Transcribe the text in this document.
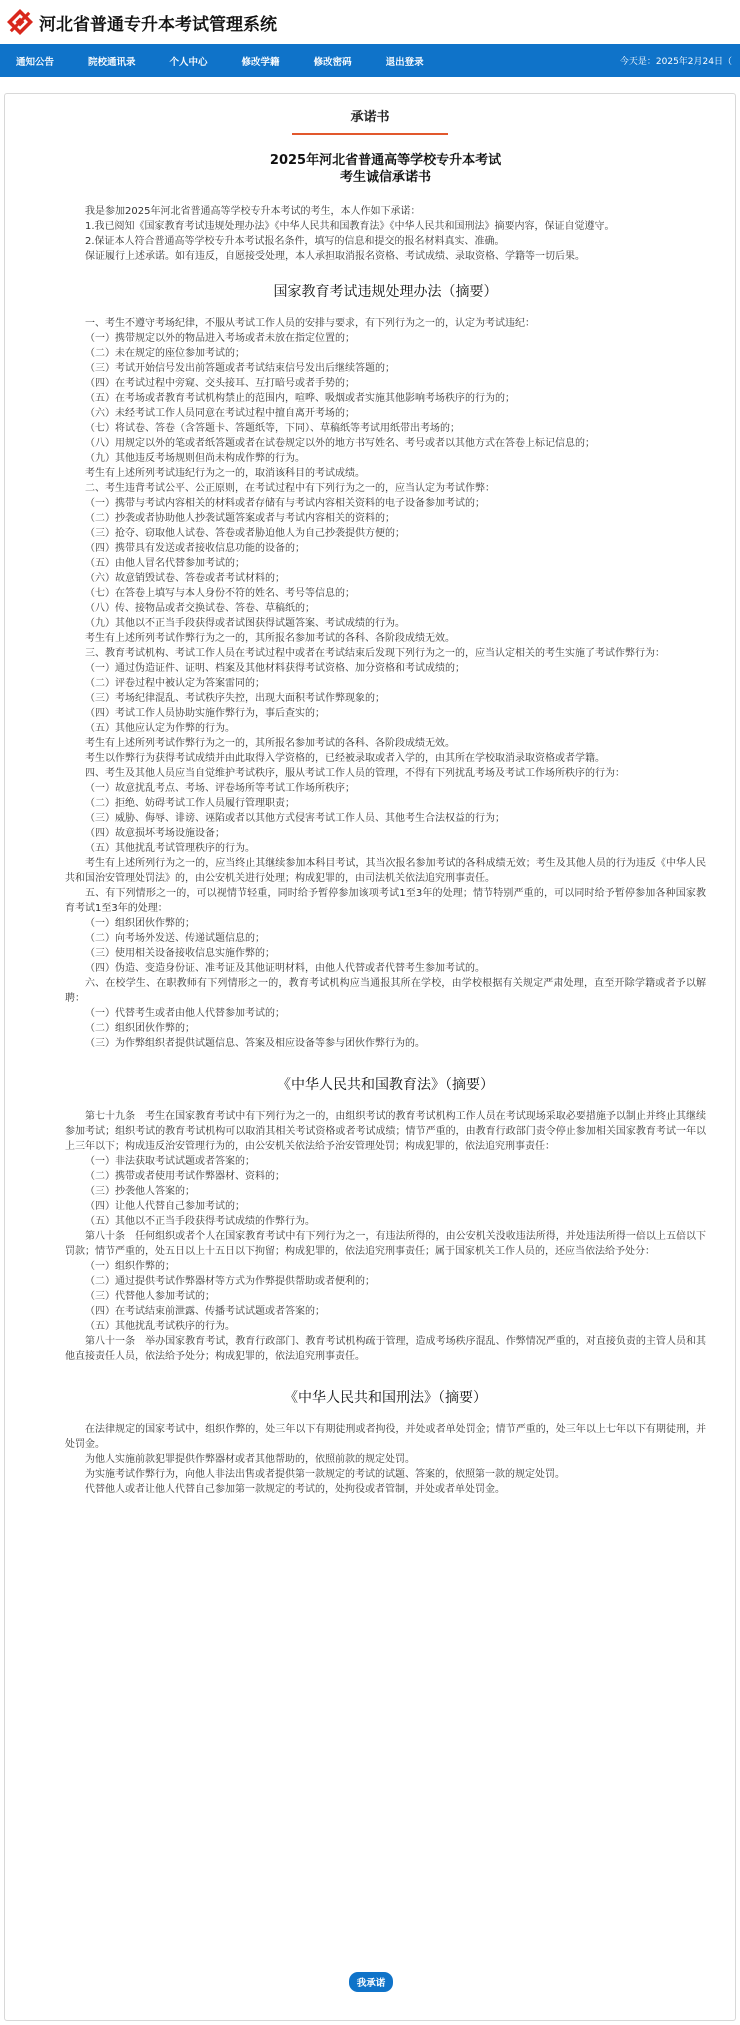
河北省普通专升本考试管理系统
通知公告	院校通讯录	个人中心	修改学籍	修改密码	退出登录	今天是：2025年2月24日（
承诺书
2025年河北省普通高等学校专升本考试
考生诚信承诺书

我是参加2025年河北省普通高等学校专升本考试的考生，本人作如下承诺：

1.我已阅知《国家教育考试违规处理办法》《中华人民共和国教育法》《中华人民共和国刑法》摘要内容，保证自觉遵守。

2.保证本人符合普通高等学校专升本考试报名条件，填写的信息和提交的报名材料真实、准确。

保证履行上述承诺。如有违反，自愿接受处理，本人承担取消报名资格、考试成绩、录取资格、学籍等一切后果。

国家教育考试违规处理办法（摘要）

一、考生不遵守考场纪律，不服从考试工作人员的安排与要求，有下列行为之一的，认定为考试违纪：

（一）携带规定以外的物品进入考场或者未放在指定位置的；

（二）未在规定的座位参加考试的；

（三）考试开始信号发出前答题或者考试结束信号发出后继续答题的；

（四）在考试过程中旁窥、交头接耳、互打暗号或者手势的；

（五）在考场或者教育考试机构禁止的范围内，喧哗、吸烟或者实施其他影响考场秩序的行为的；

（六）未经考试工作人员同意在考试过程中擅自离开考场的；

（七）将试卷、答卷（含答题卡、答题纸等，下同）、草稿纸等考试用纸带出考场的；

（八）用规定以外的笔或者纸答题或者在试卷规定以外的地方书写姓名、考号或者以其他方式在答卷上标记信息的；

（九）其他违反考场规则但尚未构成作弊的行为。

考生有上述所列考试违纪行为之一的，取消该科目的考试成绩。

二、考生违背考试公平、公正原则，在考试过程中有下列行为之一的，应当认定为考试作弊：

（一）携带与考试内容相关的材料或者存储有与考试内容相关资料的电子设备参加考试的；

（二）抄袭或者协助他人抄袭试题答案或者与考试内容相关的资料的；

（三）抢夺、窃取他人试卷、答卷或者胁迫他人为自己抄袭提供方便的；

（四）携带具有发送或者接收信息功能的设备的；

（五）由他人冒名代替参加考试的；

（六）故意销毁试卷、答卷或者考试材料的；

（七）在答卷上填写与本人身份不符的姓名、考号等信息的；

（八）传、接物品或者交换试卷、答卷、草稿纸的；

（九）其他以不正当手段获得或者试图获得试题答案、考试成绩的行为。

考生有上述所列考试作弊行为之一的，其所报名参加考试的各科、各阶段成绩无效。

三、教育考试机构、考试工作人员在考试过程中或者在考试结束后发现下列行为之一的，应当认定相关的考生实施了考试作弊行为：

（一）通过伪造证件、证明、档案及其他材料获得考试资格、加分资格和考试成绩的；

（二）评卷过程中被认定为答案雷同的；

（三）考场纪律混乱、考试秩序失控，出现大面积考试作弊现象的；

（四）考试工作人员协助实施作弊行为，事后查实的；

（五）其他应认定为作弊的行为。

考生有上述所列考试作弊行为之一的，其所报名参加考试的各科、各阶段成绩无效。

考生以作弊行为获得考试成绩并由此取得入学资格的，已经被录取或者入学的，由其所在学校取消录取资格或者学籍。

四、考生及其他人员应当自觉维护考试秩序，服从考试工作人员的管理，不得有下列扰乱考场及考试工作场所秩序的行为：

（一）故意扰乱考点、考场、评卷场所等考试工作场所秩序；

（二）拒绝、妨碍考试工作人员履行管理职责；

（三）威胁、侮辱、诽谤、诬陷或者以其他方式侵害考试工作人员、其他考生合法权益的行为；

（四）故意损坏考场设施设备；

（五）其他扰乱考试管理秩序的行为。

考生有上述所列行为之一的，应当终止其继续参加本科目考试，其当次报名参加考试的各科成绩无效；考生及其他人员的行为违反《中华人民共和国治安管理处罚法》的，由公安机关进行处理；构成犯罪的，由司法机关依法追究刑事责任。

五、有下列情形之一的，可以视情节轻重，同时给予暂停参加该项考试1至3年的处理；情节特别严重的，可以同时给予暂停参加各种国家教育考试1至3年的处理：

（一）组织团伙作弊的；

（二）向考场外发送、传递试题信息的；

（三）使用相关设备接收信息实施作弊的；

（四）伪造、变造身份证、准考证及其他证明材料，由他人代替或者代替考生参加考试的。

六、在校学生、在职教师有下列情形之一的，教育考试机构应当通报其所在学校，由学校根据有关规定严肃处理，直至开除学籍或者予以解聘：

（一）代替考生或者由他人代替参加考试的；

（二）组织团伙作弊的；

（三）为作弊组织者提供试题信息、答案及相应设备等参与团伙作弊行为的。

《中华人民共和国教育法》（摘要）

第七十九条　考生在国家教育考试中有下列行为之一的，由组织考试的教育考试机构工作人员在考试现场采取必要措施予以制止并终止其继续参加考试；组织考试的教育考试机构可以取消其相关考试资格或者考试成绩；情节严重的，由教育行政部门责令停止参加相关国家教育考试一年以上三年以下；构成违反治安管理行为的，由公安机关依法给予治安管理处罚；构成犯罪的，依法追究刑事责任：

（一）非法获取考试试题或者答案的；

（二）携带或者使用考试作弊器材、资料的；

（三）抄袭他人答案的；

（四）让他人代替自己参加考试的；

（五）其他以不正当手段获得考试成绩的作弊行为。

第八十条　任何组织或者个人在国家教育考试中有下列行为之一，有违法所得的，由公安机关没收违法所得，并处违法所得一倍以上五倍以下罚款；情节严重的，处五日以上十五日以下拘留；构成犯罪的，依法追究刑事责任；属于国家机关工作人员的，还应当依法给予处分：

（一）组织作弊的；

（二）通过提供考试作弊器材等方式为作弊提供帮助或者便利的；

（三）代替他人参加考试的；

（四）在考试结束前泄露、传播考试试题或者答案的；

（五）其他扰乱考试秩序的行为。

第八十一条　举办国家教育考试，教育行政部门、教育考试机构疏于管理，造成考场秩序混乱、作弊情况严重的，对直接负责的主管人员和其他直接责任人员，依法给予处分；构成犯罪的，依法追究刑事责任。

《中华人民共和国刑法》（摘要）

在法律规定的国家考试中，组织作弊的，处三年以下有期徒刑或者拘役，并处或者单处罚金；情节严重的，处三年以上七年以下有期徒刑，并处罚金。

为他人实施前款犯罪提供作弊器材或者其他帮助的，依照前款的规定处罚。

为实施考试作弊行为，向他人非法出售或者提供第一款规定的考试的试题、答案的，依照第一款的规定处罚。

代替他人或者让他人代替自己参加第一款规定的考试的，处拘役或者管制，并处或者单处罚金。

我承诺
